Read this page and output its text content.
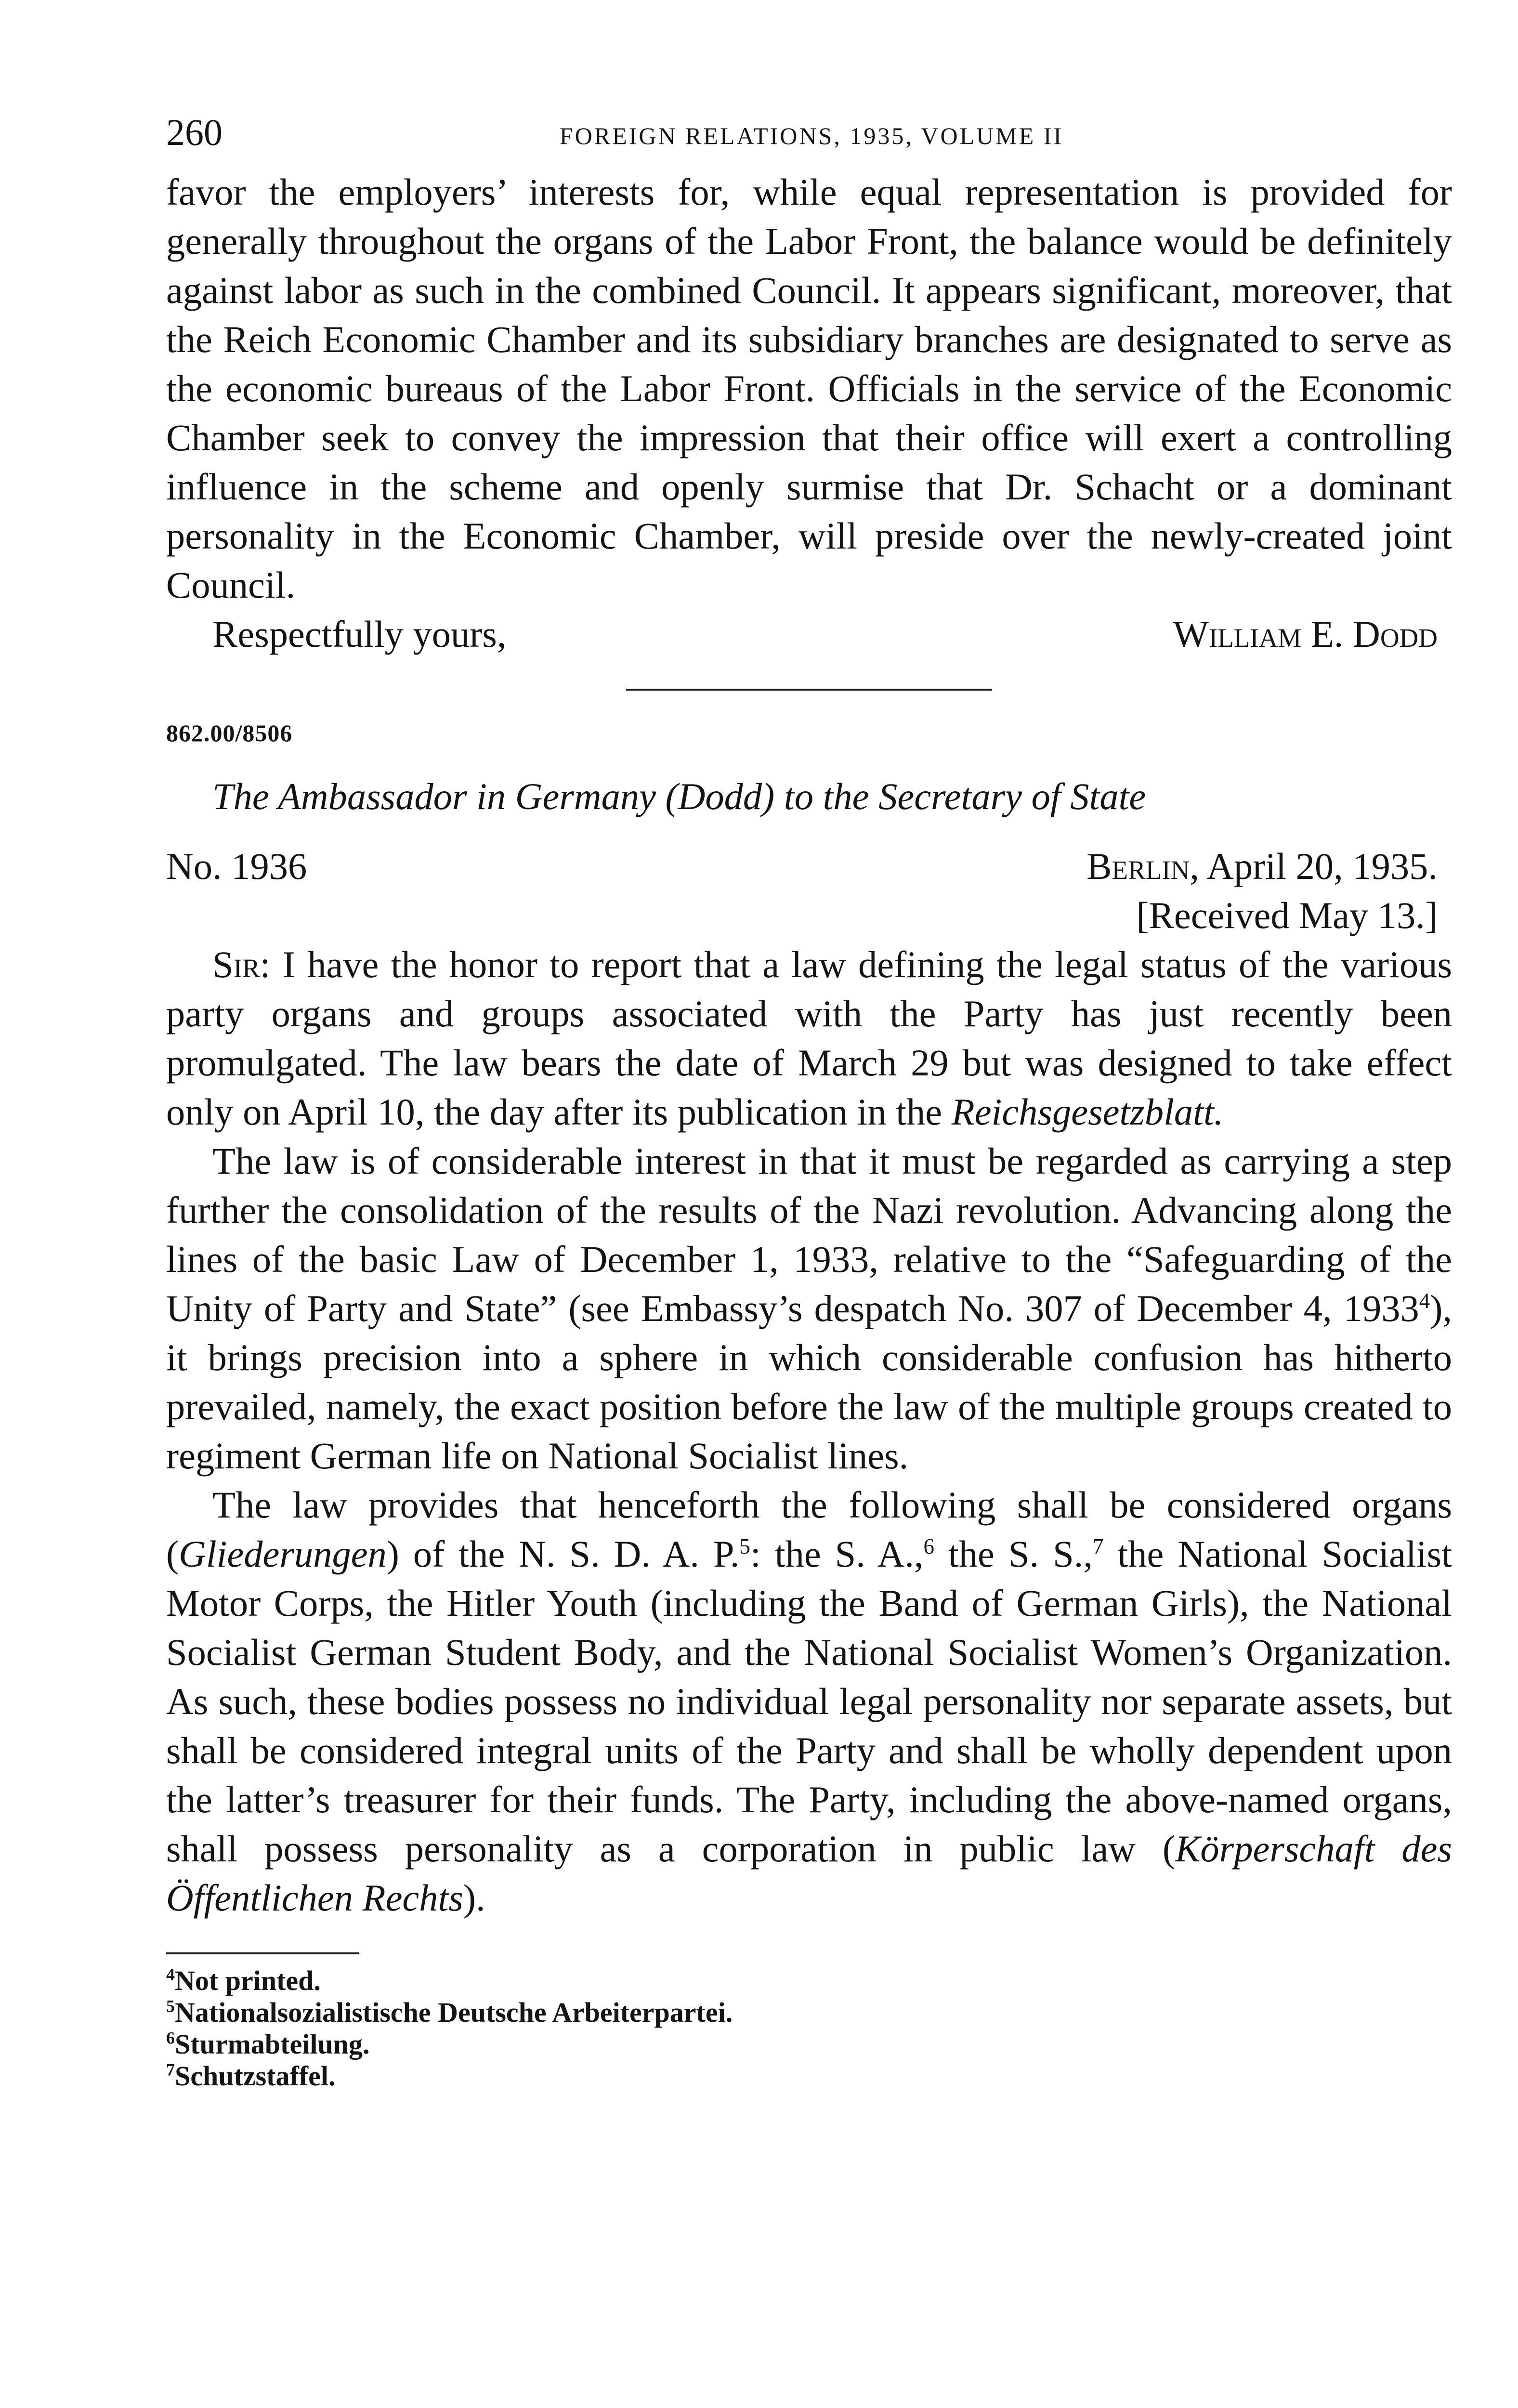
260	FOREIGN RELATIONS, 1935, VOLUME II

favor the employers’ interests for, while equal representation is provided for generally throughout the organs of the Labor Front, the balance would be definitely against labor as such in the combined Council. It appears significant, moreover, that the Reich Economic Chamber and its subsidiary branches are designated to serve as the economic bureaus of the Labor Front. Officials in the service of the Economic Chamber seek to convey the impression that their office will exert a controlling influence in the scheme and openly surmise that Dr. Schacht or a dominant personality in the Economic Chamber, will preside over the newly-created joint Council.

Respectfully yours,	William E. Dodd
862.00/8506
The Ambassador in Germany (Dodd) to the Secretary of State
No. 1936	Berlin, April 20, 1935.
[Received May 13.]

Sir: I have the honor to report that a law defining the legal status of the various party organs and groups associated with the Party has just recently been promulgated. The law bears the date of March 29 but was designed to take effect only on April 10, the day after its publication in the Reichsgesetzblatt.

The law is of considerable interest in that it must be regarded as carrying a step further the consolidation of the results of the Nazi revolution. Advancing along the lines of the basic Law of December 1, 1933, relative to the “Safeguarding of the Unity of Party and State” (see Embassy’s despatch No. 307 of December 4, 1933$^4$), it brings precision into a sphere in which considerable confusion has hitherto prevailed, namely, the exact position before the law of the multiple groups created to regiment German life on National Socialist lines.

The law provides that henceforth the following shall be considered organs (Gliederungen) of the N. S. D. A. P.$^5$: the S. A.,$^6$ the S. S.,$^7$ the National Socialist Motor Corps, the Hitler Youth (including the Band of German Girls), the National Socialist German Student Body, and the National Socialist Women’s Organization. As such, these bodies possess no individual legal personality nor separate assets, but shall be considered integral units of the Party and shall be wholly dependent upon the latter’s treasurer for their funds. The Party, including the above-named organs, shall possess personality as a corporation in public law (Körperschaft des Öffentlichen Rechts).

$^4$Not printed.

$^5$Nationalsozialistische Deutsche Arbeiterpartei.

$^6$Sturmabteilung.

$^7$Schutzstaffel.
